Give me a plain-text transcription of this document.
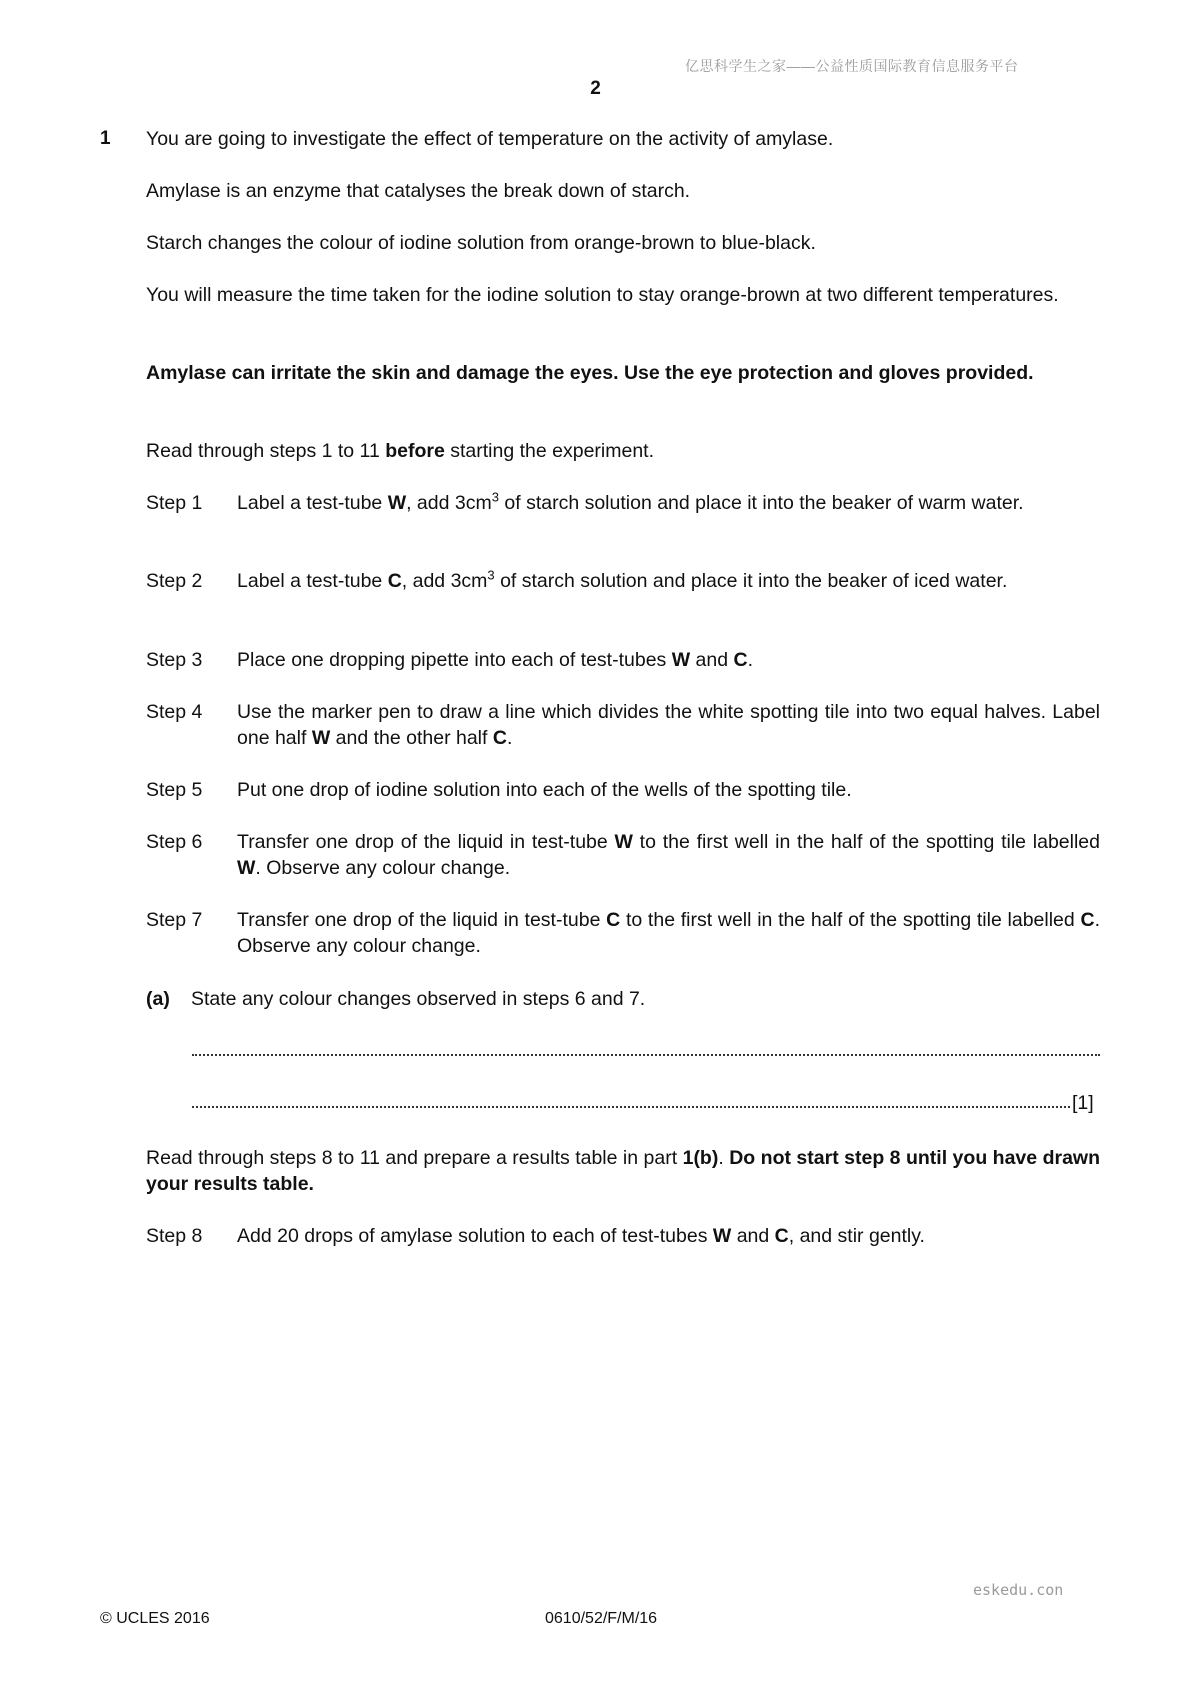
亿思科学生之家——公益性质国际教育信息服务平台
2
1 You are going to investigate the effect of temperature on the activity of amylase.
Amylase is an enzyme that catalyses the break down of starch.
Starch changes the colour of iodine solution from orange-brown to blue-black.
You will measure the time taken for the iodine solution to stay orange-brown at two different temperatures.
Amylase can irritate the skin and damage the eyes. Use the eye protection and gloves provided.
Read through steps 1 to 11 before starting the experiment.
Step 1 Label a test-tube W, add $3cm^3$ of starch solution and place it into the beaker of warm water.
Step 2 Label a test-tube C, add $3cm^3$ of starch solution and place it into the beaker of iced water.
Step 3 Place one dropping pipette into each of test-tubes W and C.
Step 4 Use the marker pen to draw a line which divides the white spotting tile into two equal halves. Label one half W and the other half C.
Step 5 Put one drop of iodine solution into each of the wells of the spotting tile.
Step 6 Transfer one drop of the liquid in test-tube W to the first well in the half of the spotting tile labelled W. Observe any colour change.
Step 7 Transfer one drop of the liquid in test-tube C to the first well in the half of the spotting tile labelled C. Observe any colour change.
(a) State any colour changes observed in steps 6 and 7.
[1]
Read through steps 8 to 11 and prepare a results table in part 1(b). Do not start step 8 until you have drawn your results table.
Step 8 Add 20 drops of amylase solution to each of test-tubes W and C, and stir gently.
eskedu.con
© UCLES 2016	0610/52/F/M/16
